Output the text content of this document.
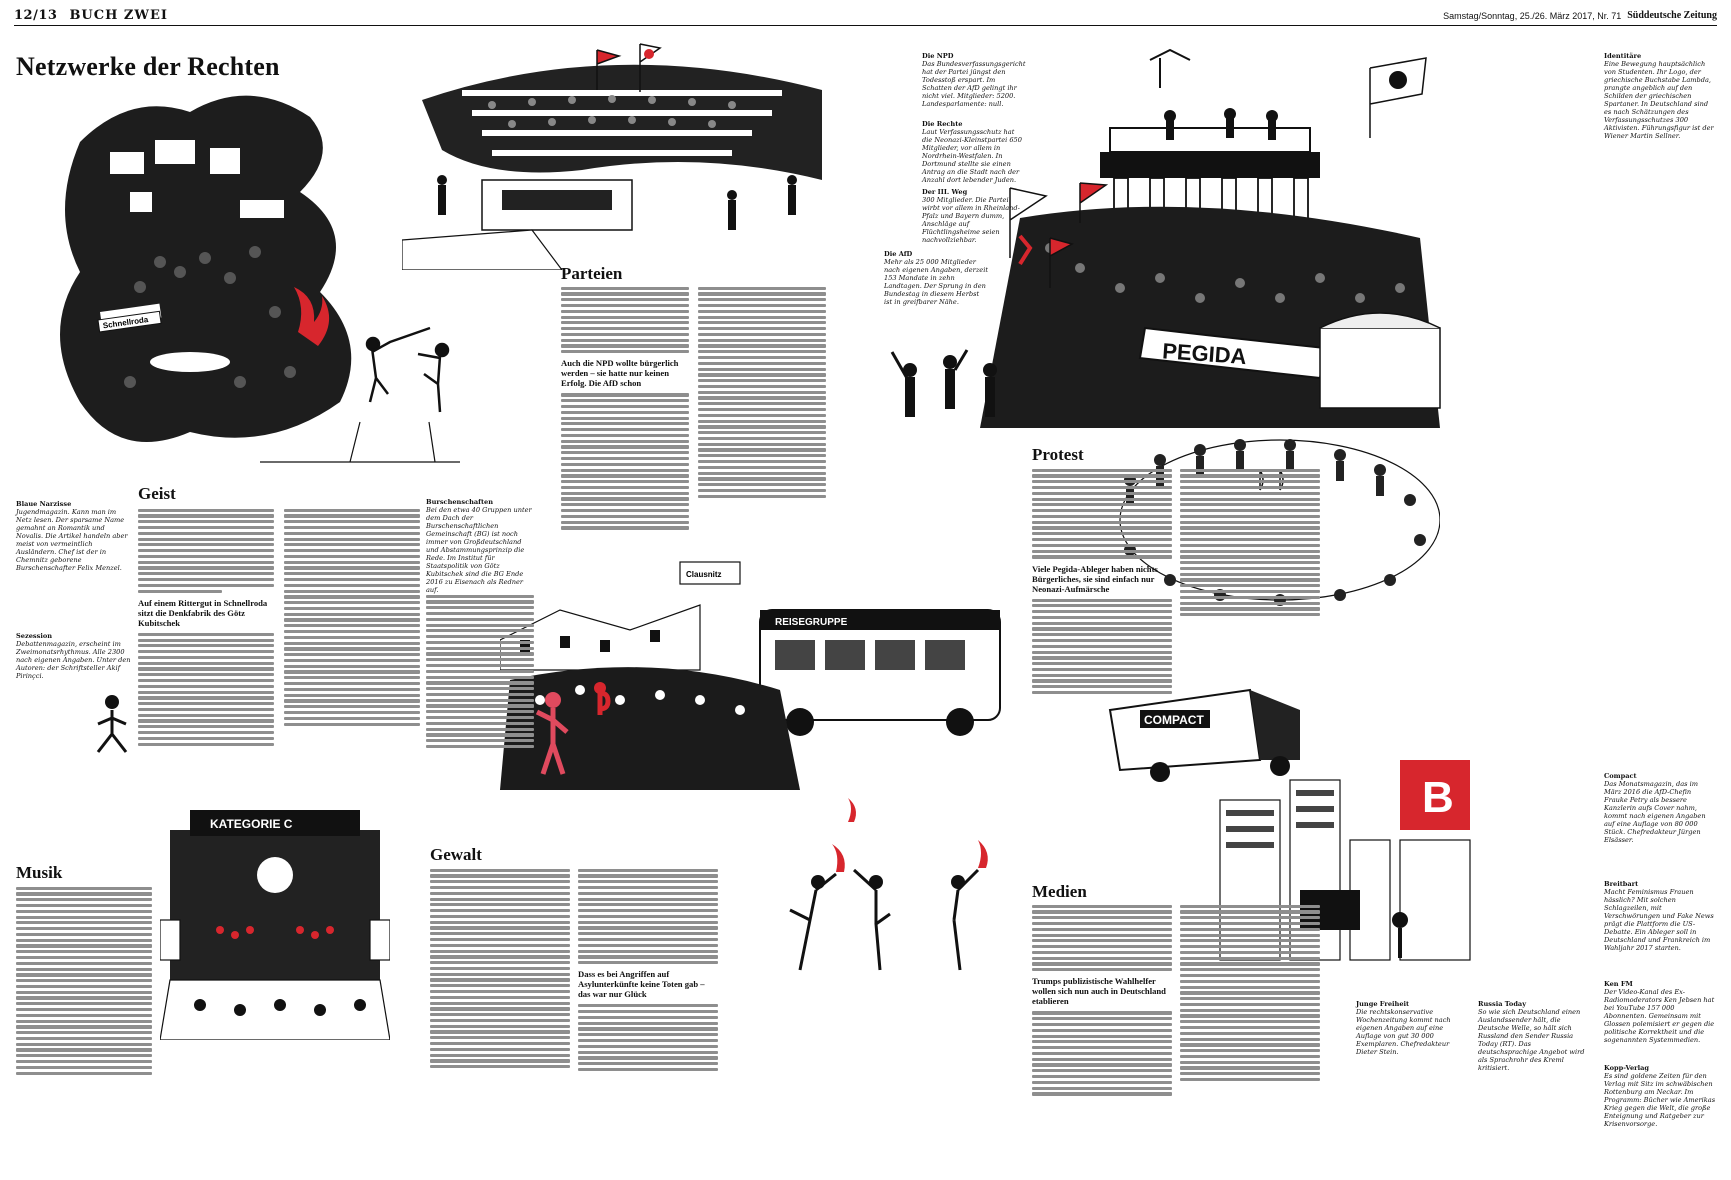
12/13 BUCH ZWEI	Samstag/Sonntag, 25./26. März 2017, Nr. 71 Süddeutsche Zeitung
Netzwerke der Rechten
Schnellroda
PEGIDA
Clausnitz
REISEGRUPPE
KATEGORIE C
COMPACT
B
Geist
Parteien
Protest
Musik
Gewalt
Medien
Blaue Narzisse

Jugendmagazin. Kann man im Netz lesen. Der sparsame Name gemahnt an Romantik und Novalis. Die Artikel handeln aber meist von vermeintlich Ausländern. Chef ist der in Chemnitz geborene Burschenschafter Felix Menzel.

Sezession

Debattenmagazin, erscheint im Zweimonatsrhythmus. Alle 2300 nach eigenen Angaben. Unter den Autoren: der Schriftsteller Akif Pirinçci.

Burschenschaften

Bei den etwa 40 Gruppen unter dem Dach der Burschenschaftlichen Gemeinschaft (BG) ist noch immer von Großdeutschland und Abstammungsprinzip die Rede. Im Institut für Staatspolitik von Götz Kubitschek sind die BG Ende 2016 zu Eisenach als Redner auf.

Die NPD

Das Bundesverfassungsgericht hat der Partei jüngst den Todesstoß erspart. Im Schatten der AfD gelingt ihr nicht viel. Mitglieder: 5200. Landesparlamente: null.

Die Rechte

Laut Verfassungsschutz hat die Neonazi-Kleinstpartei 650 Mitglieder, vor allem in Nordrhein-Westfalen. In Dortmund stellte sie einen Antrag an die Stadt nach der Anzahl dort lebender Juden.

Der III. Weg

300 Mitglieder. Die Partei wirbt vor allem in Rheinland-Pfalz und Bayern dumm, Anschläge auf Flüchtlingsheime seien nachvollziehbar.

Die AfD

Mehr als 25 000 Mitglieder nach eigenen Angaben, derzeit 153 Mandate in zehn Landtagen. Der Sprung in den Bundestag in diesem Herbst ist in greifbarer Nähe.

Identitäre

Eine Bewegung hauptsächlich von Studenten. Ihr Logo, der griechische Buchstabe Lambda, prangte angeblich auf den Schilden der griechischen Spartaner. In Deutschland sind es nach Schätzungen des Verfassungsschutzes 300 Aktivisten. Führungsfigur ist der Wiener Martin Sellner.

Compact

Das Monatsmagazin, das im März 2016 die AfD-Chefin Frauke Petry als bessere Kanzlerin aufs Cover nahm, kommt nach eigenen Angaben auf eine Auflage von 80 000 Stück. Chefredakteur Jürgen Elsässer.

Breitbart

Macht Feminismus Frauen hässlich? Mit solchen Schlagzeilen, mit Verschwörungen und Fake News prägt die Plattform die US-Debatte. Ein Ableger soll in Deutschland und Frankreich im Wahljahr 2017 starten.

Ken FM

Der Video-Kanal des Ex-Radiomoderators Ken Jebsen hat bei YouTube 157 000 Abonnenten. Gemeinsam mit Glossen polemisiert er gegen die politische Korrektheit und die sogenannten Systemmedien.

Kopp-Verlag

Es sind goldene Zeiten für den Verlag mit Sitz im schwäbischen Rottenburg am Neckar. Im Programm: Bücher wie Amerikas Krieg gegen die Welt, die große Enteignung und Ratgeber zur Krisenvorsorge.

Junge Freiheit

Die rechtskonservative Wochenzeitung kommt nach eigenen Angaben auf eine Auflage von gut 30 000 Exemplaren. Chefredakteur Dieter Stein.

Russia Today

So wie sich Deutschland einen Auslandssender hält, die Deutsche Welle, so hält sich Russland den Sender Russia Today (RT). Das deutschsprachige Angebot wird als Sprachrohr des Kreml kritisiert.

Auf einem Rittergut in Schnellroda sitzt die Denkfabrik des Götz Kubitschek
Auch die NPD wollte bürgerlich werden – sie hatte nur keinen Erfolg. Die AfD schon
Viele Pegida-Ableger haben nichts Bürgerliches, sie sind einfach nur Neonazi-Aufmärsche
Dass es bei Angriffen auf Asylunterkünfte keine Toten gab – das war nur Glück
Trumps publizistische Wahlhelfer wollen sich nun auch in Deutschland etablieren
